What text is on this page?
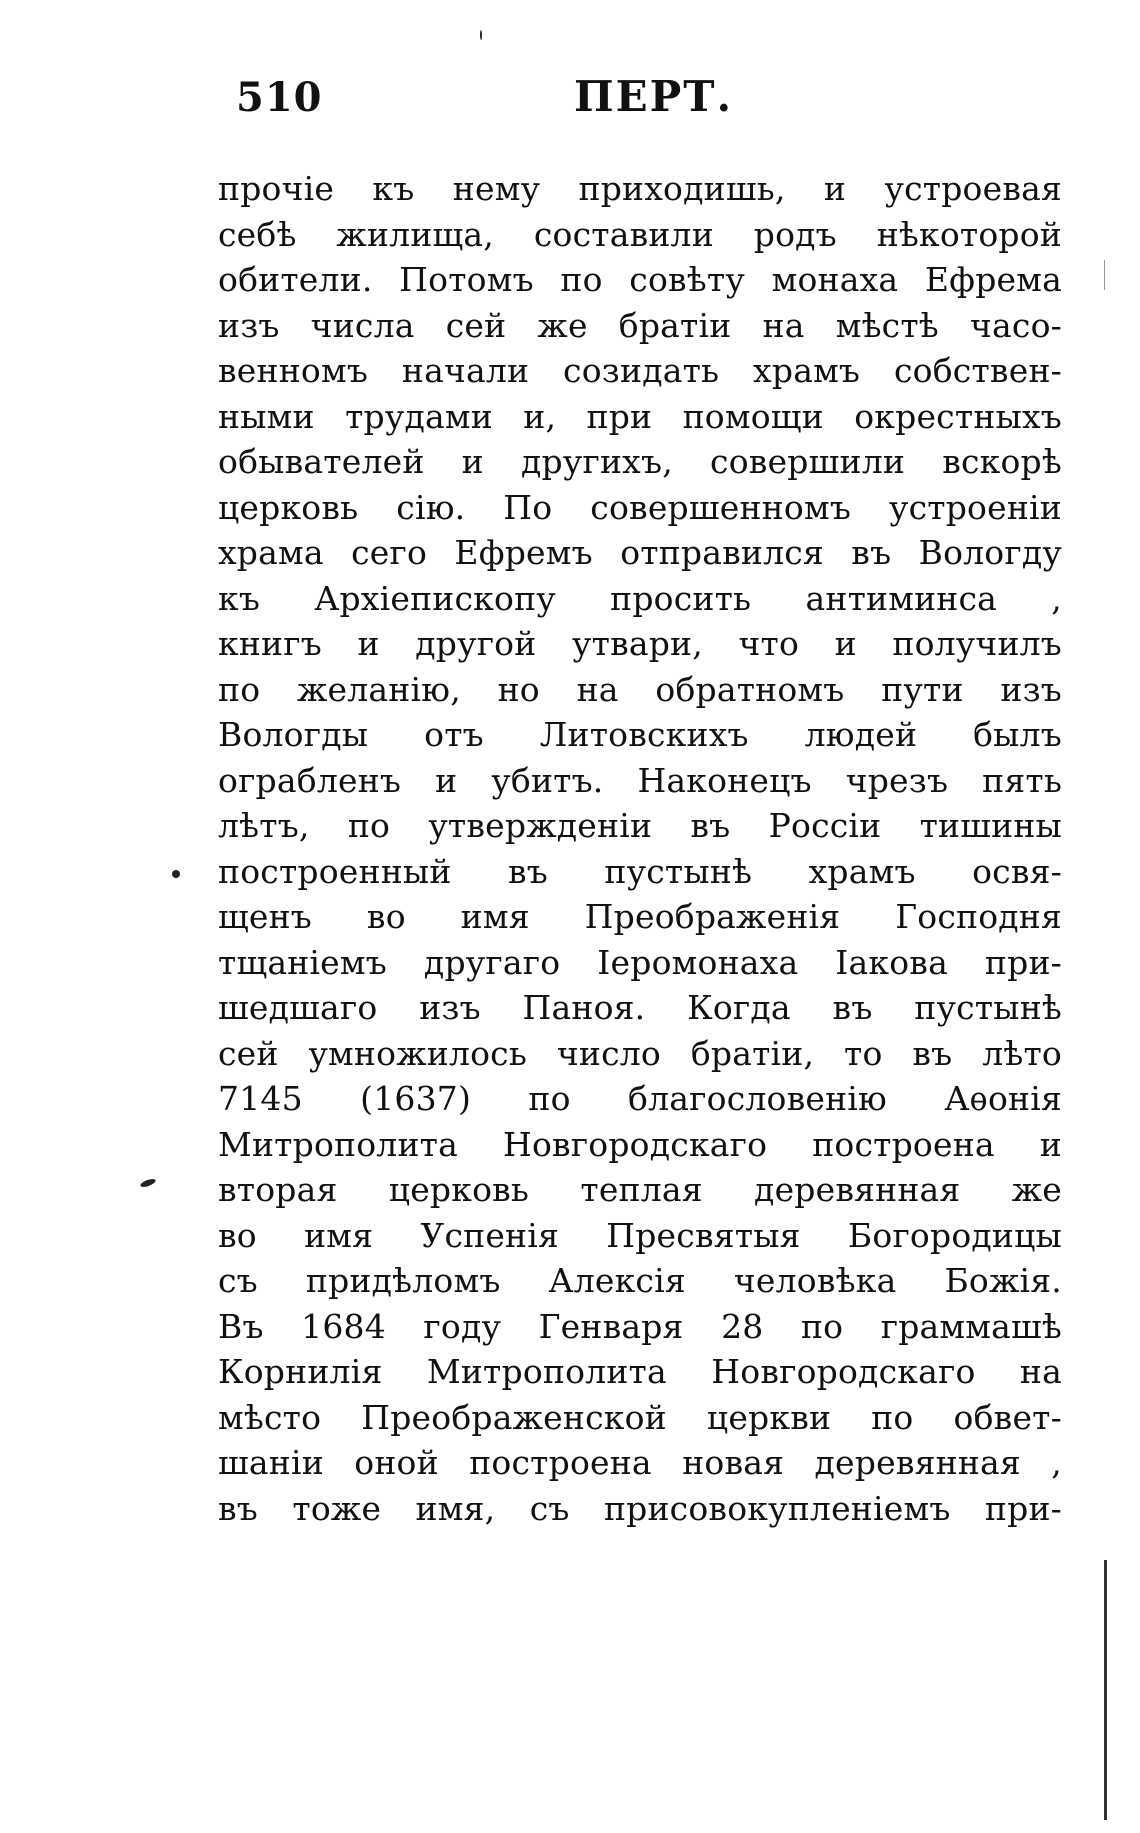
510	ПЕРТ.
прочіе къ нему приходишь, и устроевая
себѣ жилища, составили родъ нѣкоторой
обители. Потомъ по совѣту монаха Ефрема
изъ числа сей же братіи на мѣстѣ часо-
венномъ начали созидать храмъ собствен-
ными трудами и, при помощи окрестныхъ
обывателей и другихъ, совершили вскорѣ
церковь сію. По совершенномъ устроеніи
храма сего Ефремъ отправился въ Вологду
къ Архіепископу просить антиминса ,
книгъ и другой утвари, что и получилъ
по желанію, но на обратномъ пути изъ
Вологды отъ Литовскихъ людей былъ
ограбленъ и убитъ. Наконецъ чрезъ пять
лѣтъ, по утвержденіи въ Россіи тишины
построенный въ пустынѣ храмъ освя-
щенъ во имя Преображенія Господня
тщаніемъ другаго Іеромонаха Іакова при-
шедшаго изъ Паноя. Когда въ пустынѣ
сей умножилось число братіи, то въ лѣто
7145 (1637) по благословенію Аѳонія
Митрополита Новгородскаго построена и
вторая церковь теплая деревянная же
во имя Успенія Пресвятыя Богородицы
съ придѣломъ Алексія человѣка Божія.
Въ 1684 году Генваря 28 по граммашѣ
Корнилія Митрополита Новгородскаго на
мѣсто Преображенской церкви по обвет-
шаніи оной построена новая деревянная ,
въ тоже имя, съ присовокупленіемъ при-
